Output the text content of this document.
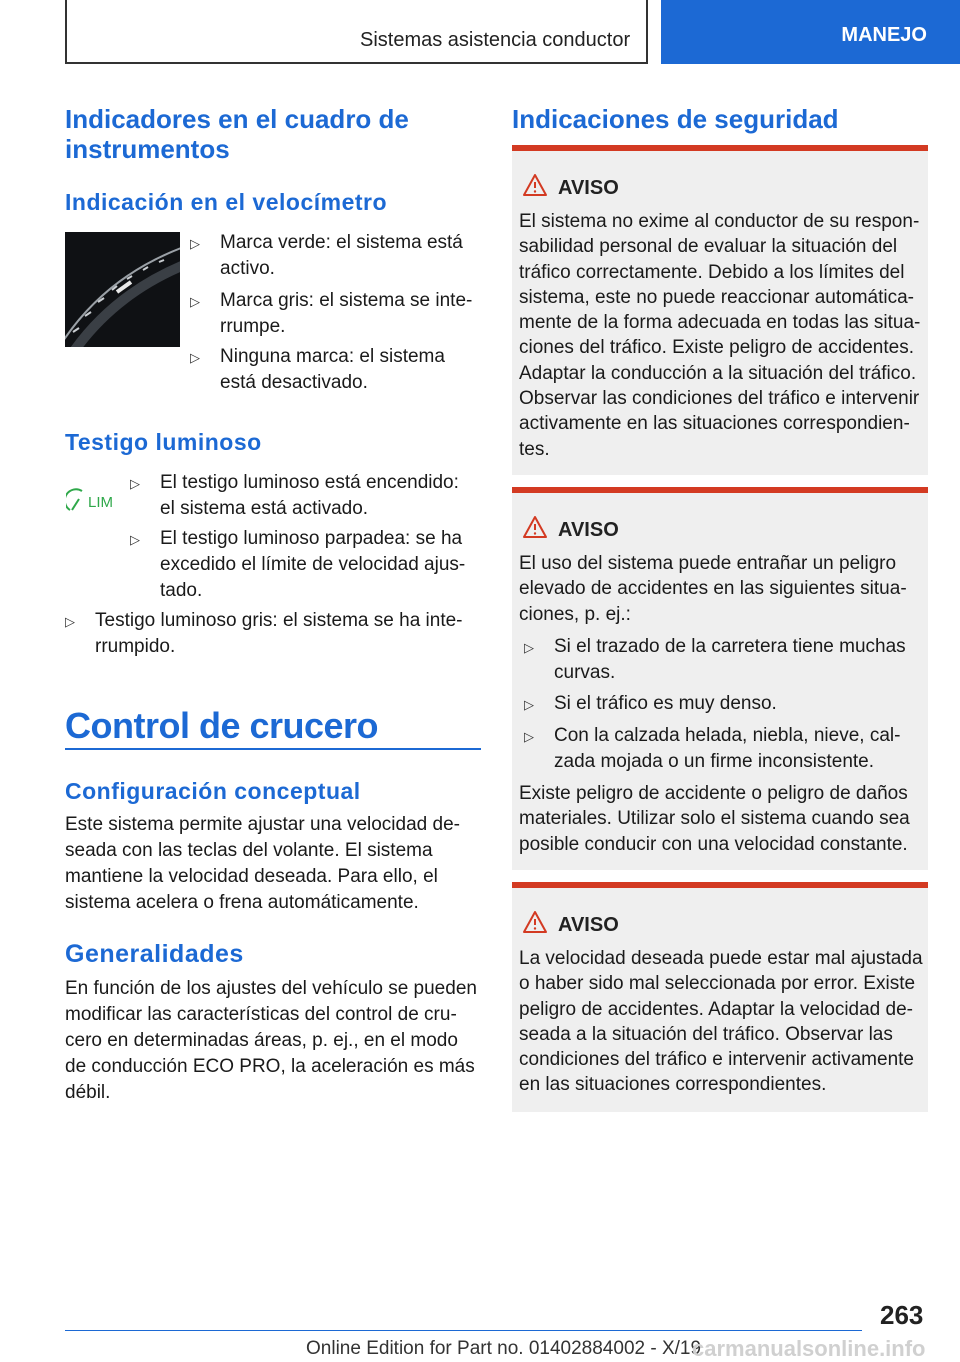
Sistemas asistencia conductor	MANEJO
Indicadores en el cuadro de instrumentos
Indicación en el velocímetro
▷ Marca verde: el sistema está activo.
▷ Marca gris: el sistema se interrumpe.
▷ Ninguna marca: el sistema está desactivado.
Testigo luminoso
LIM
▷ El testigo luminoso está encendido: el sistema está activado.
▷ El testigo luminoso parpadea: se ha excedido el límite de velocidad ajustado.
▷ Testigo luminoso gris: el sistema se ha interrumpido.
Control de crucero
Configuración conceptual
Este sistema permite ajustar una velocidad deseada con las teclas del volante. El sistema mantiene la velocidad deseada. Para ello, el sistema acelera o frena automáticamente.
Generalidades
En función de los ajustes del vehículo se pueden modificar las características del control de crucero en determinadas áreas, p. ej., en el modo de conducción ECO PRO, la aceleración es más débil.
Indicaciones de seguridad
AVISO
El sistema no exime al conductor de su responsabilidad personal de evaluar la situación del tráfico correctamente. Debido a los límites del sistema, este no puede reaccionar automáticamente de la forma adecuada en todas las situaciones del tráfico. Existe peligro de accidentes. Adaptar la conducción a la situación del tráfico. Observar las condiciones del tráfico e intervenir activamente en las situaciones correspondientes.
AVISO
El uso del sistema puede entrañar un peligro elevado de accidentes en las siguientes situaciones, p. ej.:
▷ Si el trazado de la carretera tiene muchas curvas.
▷ Si el tráfico es muy denso.
▷ Con la calzada helada, niebla, nieve, calzada mojada o un firme inconsistente.
Existe peligro de accidente o peligro de daños materiales. Utilizar solo el sistema cuando sea posible conducir con una velocidad constante.
AVISO
La velocidad deseada puede estar mal ajustada o haber sido mal seleccionada por error. Existe peligro de accidentes. Adaptar la velocidad deseada a la situación del tráfico. Observar las condiciones del tráfico e intervenir activamente en las situaciones correspondientes.
263
Online Edition for Part no. 01402884002 - X/19
carmanualsonline.info
